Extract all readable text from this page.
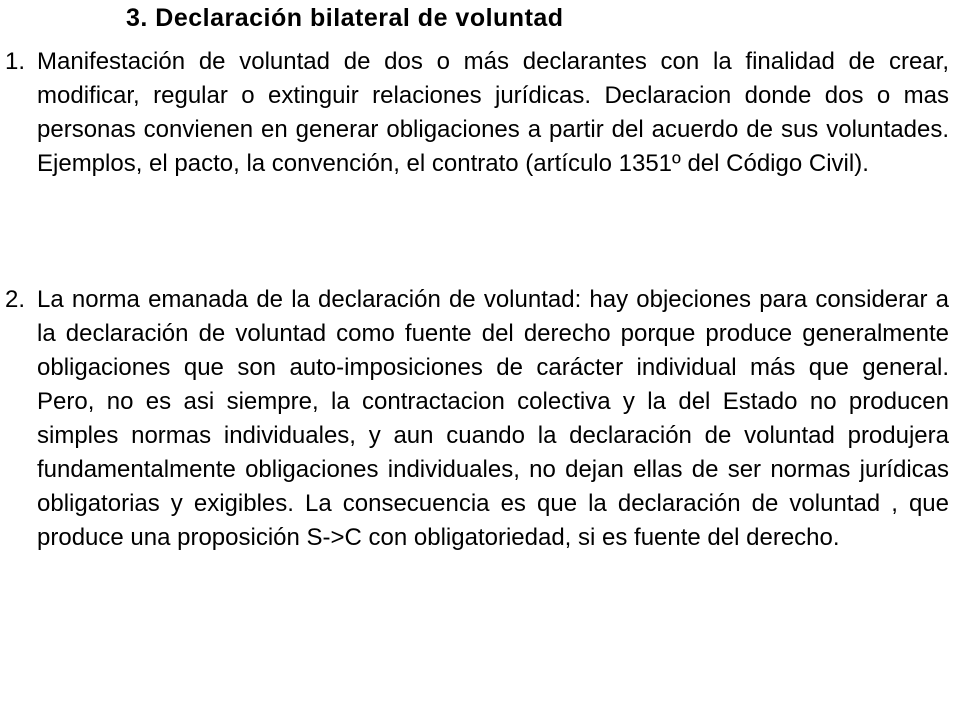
3. Declaración bilateral de voluntad
1. Manifestación de voluntad de dos o más declarantes con la finalidad de crear, modificar, regular o extinguir relaciones jurídicas. Declaracion donde dos o mas personas convienen en generar obligaciones a partir del acuerdo de sus voluntades. Ejemplos, el pacto, la convención, el contrato (artículo 1351º del Código Civil).

2. La norma emanada de la declaración de voluntad: hay objeciones para considerar a la declaración de voluntad como fuente del derecho porque produce generalmente obligaciones que son auto-imposiciones de carácter individual más que general. Pero, no es asi siempre, la contractacion colectiva y la del Estado no producen simples normas individuales, y aun cuando la declaración de voluntad produjera fundamentalmente obligaciones individuales, no dejan ellas de ser normas jurídicas obligatorias y exigibles. La consecuencia es que la declaración de voluntad , que produce una proposición S->C con obligatoriedad, si es fuente del derecho.
